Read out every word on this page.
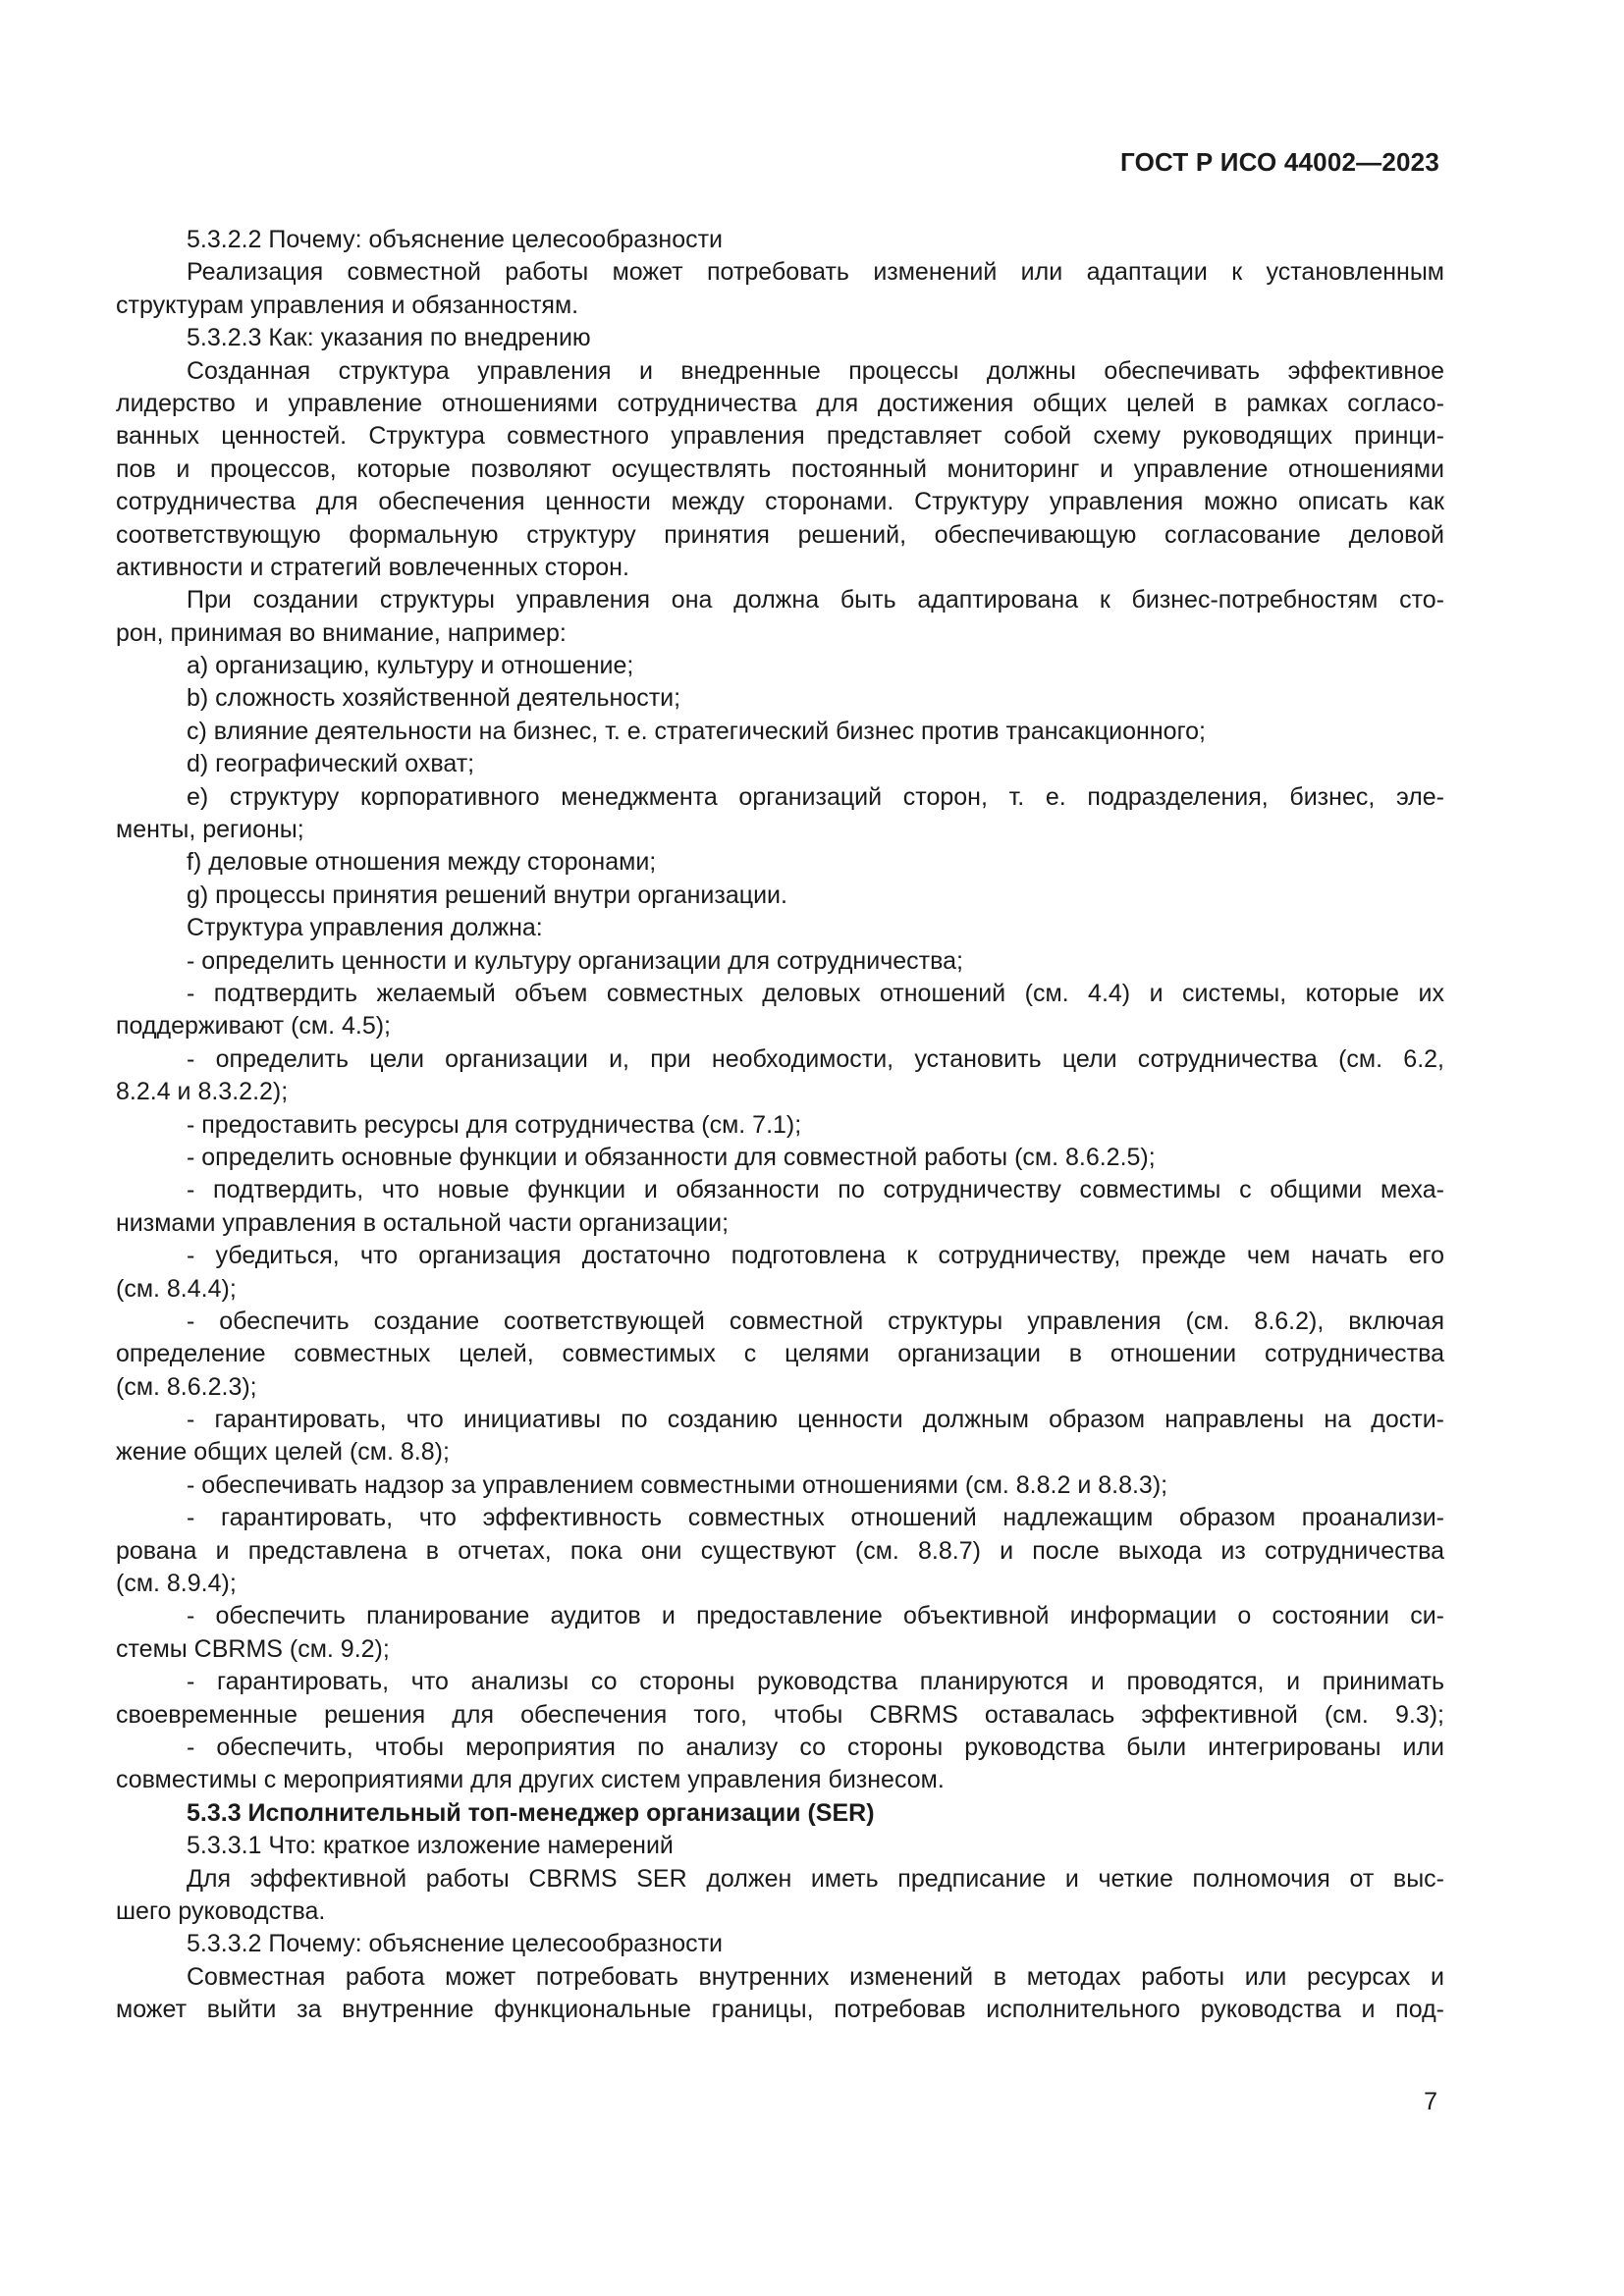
ГОСТ Р ИСО 44002—2023
5.3.2.2 Почему: объяснение целесообразности
Реализация совместной работы может потребовать изменений или адаптации к установленным
структурам управления и обязанностям.
5.3.2.3 Как: указания по внедрению
Созданная структура управления и внедренные процессы должны обеспечивать эффективное
лидерство и управление отношениями сотрудничества для достижения общих целей в рамках согласо-
ванных ценностей. Структура совместного управления представляет собой схему руководящих принци-
пов и процессов, которые позволяют осуществлять постоянный мониторинг и управление отношениями
сотрудничества для обеспечения ценности между сторонами. Структуру управления можно описать как
соответствующую формальную структуру принятия решений, обеспечивающую согласование деловой
активности и стратегий вовлеченных сторон.
При создании структуры управления она должна быть адаптирована к бизнес-потребностям сто-
рон, принимая во внимание, например:
a) организацию, культуру и отношение;
b) сложность хозяйственной деятельности;
c) влияние деятельности на бизнес, т. е. стратегический бизнес против трансакционного;
d) географический охват;
e) структуру корпоративного менеджмента организаций сторон, т. е. подразделения, бизнес, эле-
менты, регионы;
f) деловые отношения между сторонами;
g) процессы принятия решений внутри организации.
Структура управления должна:
- определить ценности и культуру организации для сотрудничества;
- подтвердить желаемый объем совместных деловых отношений (см. 4.4) и системы, которые их
поддерживают (см. 4.5);
- определить цели организации и, при необходимости, установить цели сотрудничества (см. 6.2,
8.2.4 и 8.3.2.2);
- предоставить ресурсы для сотрудничества (см. 7.1);
- определить основные функции и обязанности для совместной работы (см. 8.6.2.5);
- подтвердить, что новые функции и обязанности по сотрудничеству совместимы с общими меха-
низмами управления в остальной части организации;
- убедиться, что организация достаточно подготовлена к сотрудничеству, прежде чем начать его
(см. 8.4.4);
- обеспечить создание соответствующей совместной структуры управления (см. 8.6.2), включая
определение совместных целей, совместимых с целями организации в отношении сотрудничества
(см. 8.6.2.3);
- гарантировать, что инициативы по созданию ценности должным образом направлены на дости-
жение общих целей (см. 8.8);
- обеспечивать надзор за управлением совместными отношениями (см. 8.8.2 и 8.8.3);
- гарантировать, что эффективность совместных отношений надлежащим образом проанализи-
рована и представлена в отчетах, пока они существуют (см. 8.8.7) и после выхода из сотрудничества
(см. 8.9.4);
- обеспечить планирование аудитов и предоставление объективной информации о состоянии си-
стемы CBRMS (см. 9.2);
- гарантировать, что анализы со стороны руководства планируются и проводятся, и принимать
своевременные решения для обеспечения того, чтобы CBRMS оставалась эффективной (см. 9.3);
- обеспечить, чтобы мероприятия по анализу со стороны руководства были интегрированы или
совместимы с мероприятиями для других систем управления бизнесом.
5.3.3 Исполнительный топ-менеджер организации (SER)
5.3.3.1 Что: краткое изложение намерений
Для эффективной работы CBRMS SER должен иметь предписание и четкие полномочия от выс-
шего руководства.
5.3.3.2 Почему: объяснение целесообразности
Совместная работа может потребовать внутренних изменений в методах работы или ресурсах и
может выйти за внутренние функциональные границы, потребовав исполнительного руководства и под-
7
